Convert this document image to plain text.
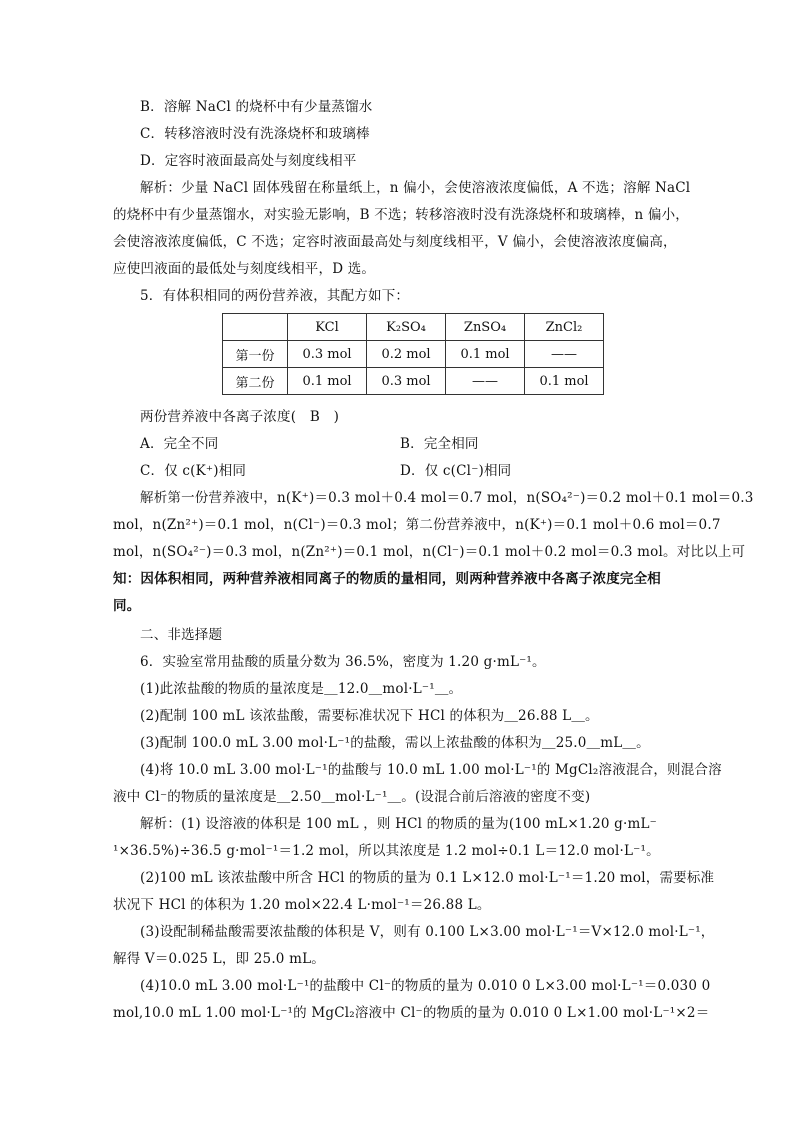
B．溶解 NaCl 的烧杯中有少量蒸馏水
C．转移溶液时没有洗涤烧杯和玻璃棒
D．定容时液面最高处与刻度线相平
解析：少量 NaCl 固体残留在称量纸上，n 偏小，会使溶液浓度偏低，A 不选；溶解 NaCl
的烧杯中有少量蒸馏水，对实验无影响，B 不选；转移溶液时没有洗涤烧杯和玻璃棒，n 偏小，
会使溶液浓度偏低，C 不选；定容时液面最高处与刻度线相平，V 偏小，会使溶液浓度偏高，
应使凹液面的最低处与刻度线相平，D 选。
5．有体积相同的两份营养液，其配方如下：
	KCl	K₂SO₄	ZnSO₄	ZnCl₂
第一份	0.3 mol	0.2 mol	0.1 mol	——
第二份	0.1 mol	0.3 mol	——	0.1 mol
两份营养液中各离子浓度(　B　)
A．完全不同	B．完全相同
C．仅 c(K⁺)相同	D．仅 c(Cl⁻)相同
解析第一份营养液中，n(K⁺)＝0.3 mol＋0.4 mol＝0.7 mol，n(SO₄²⁻)＝0.2 mol＋0.1 mol＝0.3
mol，n(Zn²⁺)＝0.1 mol，n(Cl⁻)＝0.3 mol；第二份营养液中，n(K⁺)＝0.1 mol＋0.6 mol＝0.7
mol，n(SO₄²⁻)＝0.3 mol，n(Zn²⁺)＝0.1 mol，n(Cl⁻)＝0.1 mol＋0.2 mol＝0.3 mol。对比以上可
知：因体积相同，两种营养液相同离子的物质的量相同，则两种营养液中各离子浓度完全相
同。
二、非选择题
6．实验室常用盐酸的质量分数为 36.5%，密度为 1.20 g·mL⁻¹。
(1)此浓盐酸的物质的量浓度是＿12.0＿mol·L⁻¹＿。
(2)配制 100 mL 该浓盐酸，需要标准状况下 HCl 的体积为＿26.88 L＿。
(3)配制 100.0 mL 3.00 mol·L⁻¹的盐酸，需以上浓盐酸的体积为＿25.0＿mL＿。
(4)将 10.0 mL 3.00 mol·L⁻¹的盐酸与 10.0 mL 1.00 mol·L⁻¹的 MgCl₂溶液混合，则混合溶
液中 Cl⁻的物质的量浓度是＿2.50＿mol·L⁻¹＿。(设混合前后溶液的密度不变)
解析：(1) 设溶液的体积是 100 mL ，则 HCl 的物质的量为(100 mL×1.20 g·mL⁻
¹×36.5%)÷36.5 g·mol⁻¹＝1.2 mol，所以其浓度是 1.2 mol÷0.1 L＝12.0 mol·L⁻¹。
(2)100 mL 该浓盐酸中所含 HCl 的物质的量为 0.1 L×12.0 mol·L⁻¹＝1.20 mol，需要标准
状况下 HCl 的体积为 1.20 mol×22.4 L·mol⁻¹＝26.88 L。
(3)设配制稀盐酸需要浓盐酸的体积是 V，则有 0.100 L×3.00 mol·L⁻¹＝V×12.0 mol·L⁻¹，
解得 V＝0.025 L，即 25.0 mL。
(4)10.0 mL 3.00 mol·L⁻¹的盐酸中 Cl⁻的物质的量为 0.010 0 L×3.00 mol·L⁻¹＝0.030 0
mol,10.0 mL 1.00 mol·L⁻¹的 MgCl₂溶液中 Cl⁻的物质的量为 0.010 0 L×1.00 mol·L⁻¹×2＝
